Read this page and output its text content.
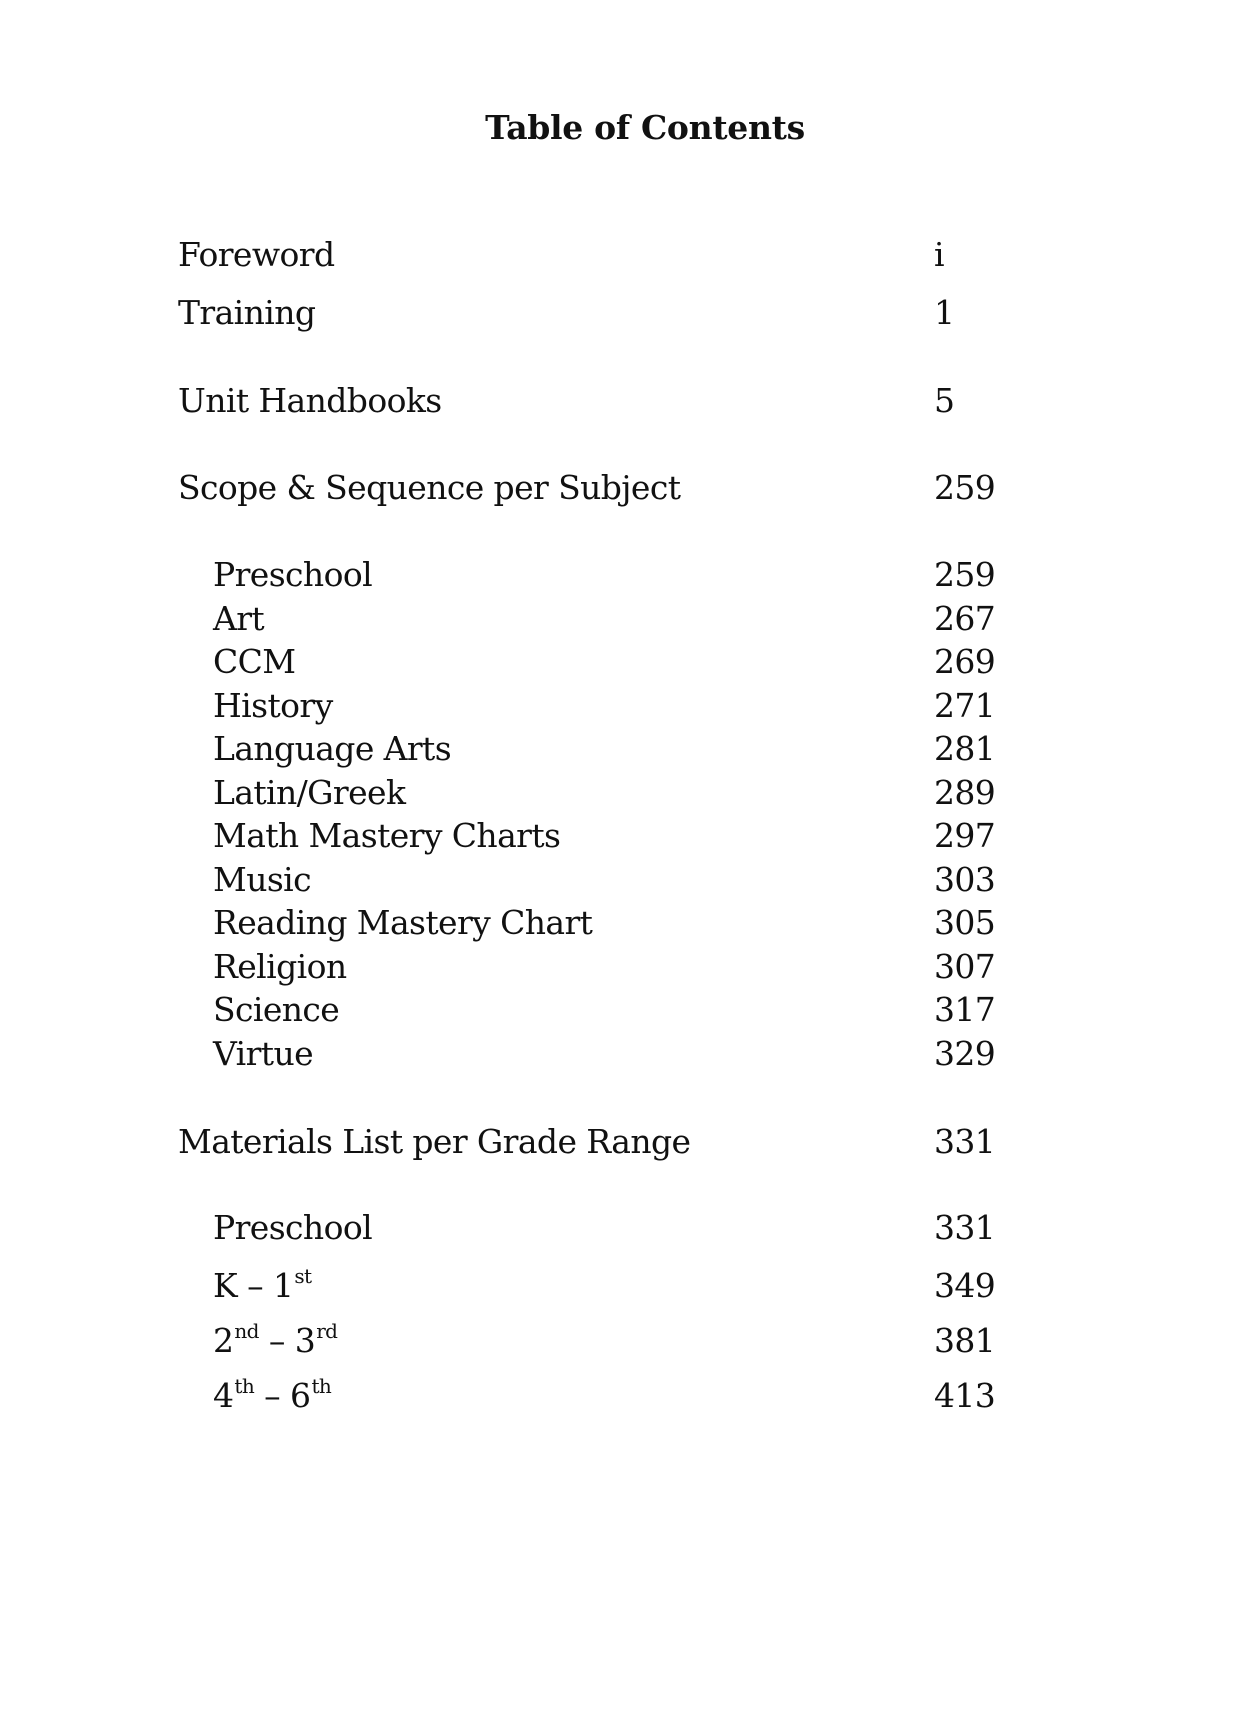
Table of Contents
Foreword	i
Training	1
Unit Handbooks	5
Scope & Sequence per Subject	259
Preschool	259
Art	267
CCM	269
History	271
Language Arts	281
Latin/Greek	289
Math Mastery Charts	297
Music	303
Reading Mastery Chart	305
Religion	307
Science	317
Virtue	329
Materials List per Grade Range	331
Preschool	331
K – 1st	349
2nd – 3rd	381
4th – 6th	413
